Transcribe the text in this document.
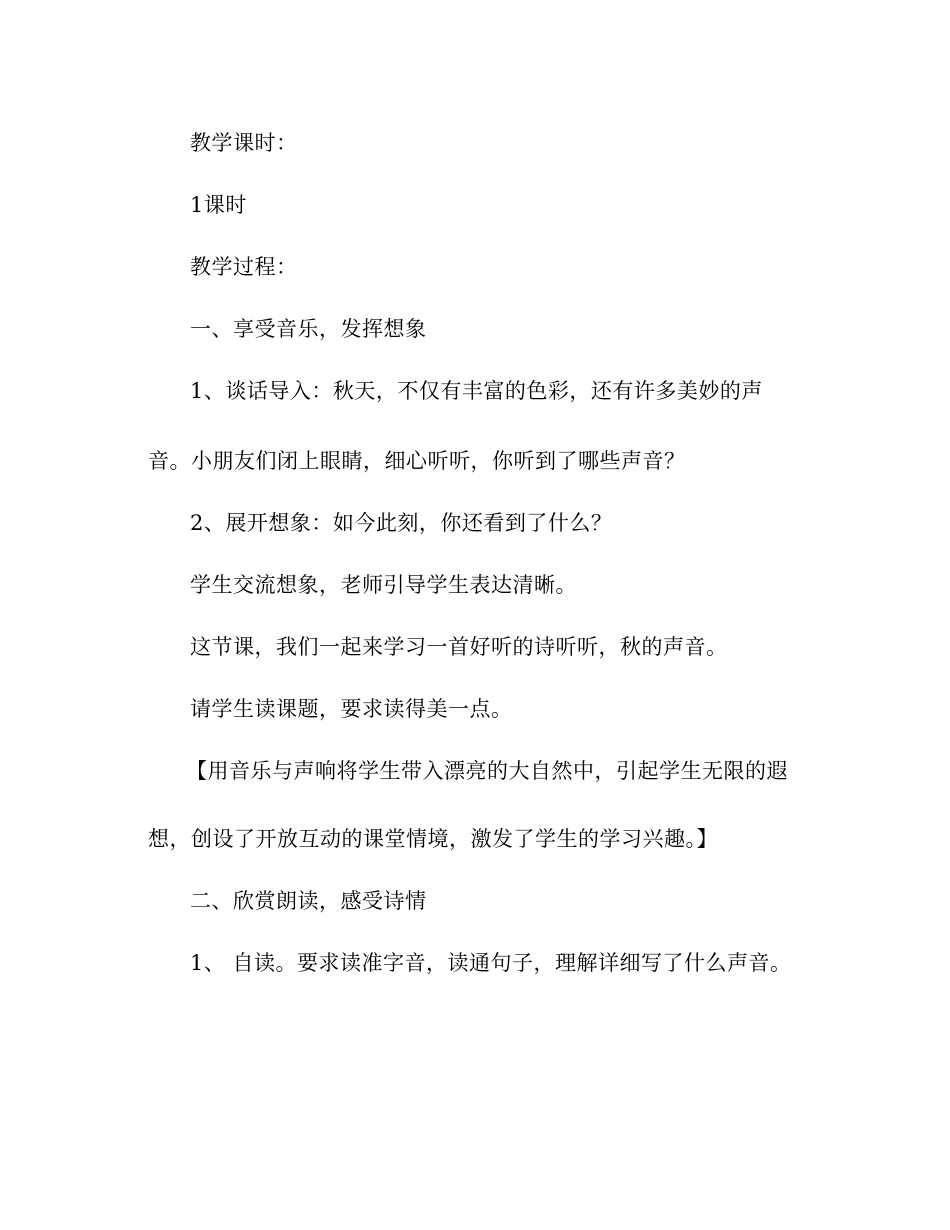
教学课时：
1课时
教学过程：
一、享受音乐，发挥想象
1、谈话导入：秋天，不仅有丰富的色彩，还有许多美妙的声
音。小朋友们闭上眼睛，细心听听，你听到了哪些声音？
2、展开想象：如今此刻，你还看到了什么？
学生交流想象，老师引导学生表达清晰。
这节课，我们一起来学习一首好听的诗听听，秋的声音。
请学生读课题，要求读得美一点。
【用音乐与声响将学生带入漂亮的大自然中，引起学生无限的遐
想，创设了开放互动的课堂情境，激发了学生的学习兴趣。】
二、欣赏朗读，感受诗情
1、 自读。要求读准字音，读通句子，理解详细写了什么声音。
